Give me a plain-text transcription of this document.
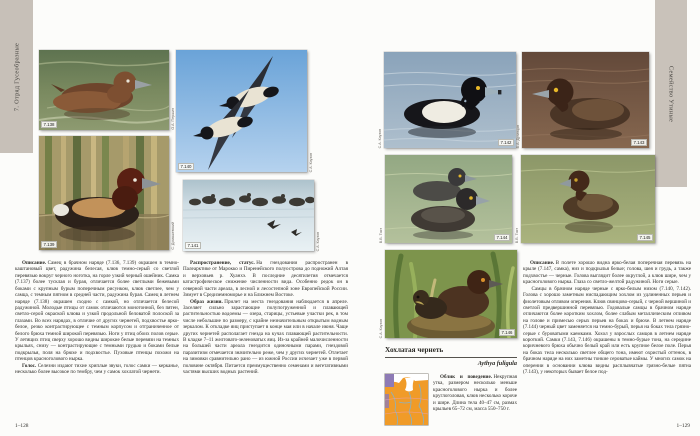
7. Отряд Гусеобразные	Семейство Утиные
7.138	О.А. Першин
7.139	С. Домашевский
7.140	С.А. Коузов
7.141	С.А. Коузов

Описание. Самец в брачном наряде (7.136, 7.139) окрашен в темно-каштановый цвет, радужина белесая, клюв темно-серый со светлой перевязью вокруг черного ноготка, на горле узкий черный ошейник. Самка (7.137) более тусклая и бурая, отличается более светлыми бежевыми боками с крупным бурым поперечным рисунком, клюв светлее, чем у самца, с темным пятном в средней части, радужина бурая. Самец в летнем наряде (7.138) окрашен сходно с самкой, но отличается белесой радужиной. Молодые птицы от самок отличаются монотонной, без пятен, светло-серой окраской клюва и узкой продольной беловатой полоской за глазами. Во всех нарядах, в отличие от других чернетей, подхвостье ярко-белое, резко контрастирующее с темным корпусом и отграниченное от белого брюха темной широкой перевязью. Ноги у птиц обоих полов серые. У летящих птиц сверху хорошо видны широкие белые перевязи на темных крыльях, снизу — контрастирующие с темными грудью и боками белые подкрылья, поля на брюхе и подхвостье. Пуховые птенцы похожи на птенцов красноголового нырка.

Голос. Селезни издают тихие хриплые звуки, голос самки — керканье, несколько более высокое по тембру, чем у самок хохлатой чернети.

Распространение, статус. На гнездовании распространен в Палеарктике от Марокко и Пиренейского полуострова до подножий Алтая и верховьев р. Хуанхэ. В последние десятилетия отмечается катастрофическое снижение численности вида. Особенно редок он в северной части ареала, в лесной и лесостепной зоне Европейской России. Зимует в Средиземноморье и на Ближнем Востоке.

Образ жизни. Прилет на места гнездования наблюдается в апреле. Заселяет сильно зарастающие полупогруженной и плавающей растительностью водоемы — озера, старицы, устьевые участки рек, в том числе небольшие по размеру, с крайне незначительным открытым водным зеркалом. К откладке яиц приступает в конце мая или в начале июня. Чаще других чернетей располагает гнезда на кучах плавающей растительности. В кладке 7–11 желтовато-зеленоватых яиц. Из-за крайней малочисленности на большей части ареала гнездится одиночными парами, гнездовой паразитизм отмечается значительно реже, чем у других чернетей. Отлетает на зимовки сравнительно рано — из южной России исчезает уже в первой половине октября. Питается преимущественно семенами и вегетативными частями высших водных растений.

1–128
С.А. Коузов	7.142	В.А. Дугинцов	7.143
В.В. Тяхт	7.144	В.В. Тяхт	7.145
С.А. Коузов	7.146
Хохлатая чернеть
Aythya fuligula

Облик и поведение. Некрупная утка, размером несколько меньше красноголового нырка и более круглоголовая, клюв несколько короче и шире. Длина тела 40–47 см, размах крыльев 65–72 см, масса 550–750 г.

Описание. В полете хорошо видна ярко-белая поперечная перевязь на крыле (7.147, самка), низ и подкрылья белые; голова, шея и грудь, а также подхвостье — черные. Голова выглядит более округлой, а клюв шире, чем у красноголового нырка. Глаза со светло-желтой радужиной. Ноги серые.

Самцы в брачном наряде черные с ярко-белым низом (7.140, 7.142). Голова с хорошо заметным ниспадающим хохлом из удлиненных перьев и фиолетовым отливом оперения. Клюв свинцово-серый, с черной вершиной и светлой предвершинной перевязью. Годовалые самцы в брачном наряде отличаются более коротким хохлом, более слабым металлическим отливом на голове и примесью серых перьев на боках и брюхе. В летнем наряде (7.144) черный цвет заменяется на темно-бурый, перья на боках тела грязно-серые с буроватыми каемками. Хохол у взрослых самцов в летнем наряде короткий. Самки (7.143, 7.146) окрашены в темно-бурые тона, на середине коричневого брюха обычно белый край или есть крупное белое поле. Перья на боках тела несколько светлее общего тона, имеют охристый оттенок, в брачном наряде на них заметны тонкие сероватые каймы. У многих самок на оперении в основании клюва видны расплывчатые грязно-белые пятна (7.143), у некоторых бывает белое под-

1–129
